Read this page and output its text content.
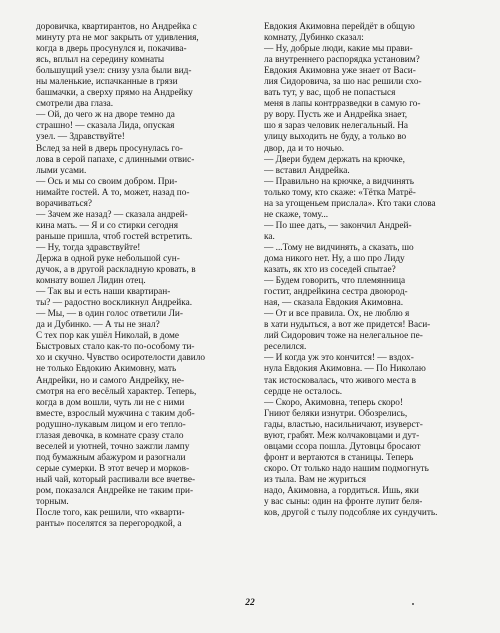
доровичка, квартирантов, но Андрейка с
минуту рта не мог закрыть от удивления,
когда в дверь просунулся и, покачива-
ясь, вплыл на середину комнаты
большущий узел: снизу узла были вид-
ны маленькие, испачканные в грязи
башмачки, а сверху прямо на Андрейку
смотрели два глаза.
— Ой, до чего ж на дворе темно да
страшно! — сказала Лида, опуская
узел. — Здравствуйте!
Вслед за ней в дверь просунулась го-
лова в серой папахе, с длинными отвис-
лыми усами.
— Ось и мы со своим добром. При-
нимайте гостей. А то, может, назад по-
ворачиваться?
— Зачем же назад? — сказала андрей-
кина мать. — Я и со стирки сегодня
раньше пришла, чтоб гостей встретить.
— Ну, тогда здравствуйте!
Держа в одной руке небольшой сун-
дучок, а в другой раскладную кровать, в
комнату вошел Лидин отец.
— Так вы и есть наши квартиран-
ты? — радостно воскликнул Андрейка.
— Мы, — в один голос ответили Ли-
да и Дубинко. — А ты не знал?
С тех пор как ушёл Николай, в доме
Быстровых стало как-то по-особому ти-
хо и скучно. Чувство осиротелости давило
не только Евдокию Акимовну, мать
Андрейки, но и самого Андрейку, не-
смотря на его весёлый характер. Теперь,
когда в дом вошли, чуть ли не с ними
вместе, взрослый мужчина с таким доб-
родушно-лукавым лицом и его тепло-
глазая девочка, в комнате сразу стало
веселей и уютней, точно зажгли лампу
под бумажным абажуром и разогнали
серые сумерки. В этот вечер и морков-
ный чай, который распивали все вчетве-
ром, показался Андрейке не таким при-
торным.
После того, как решили, что «кварти-
ранты» поселятся за перегородкой, а
Евдокия Акимовна перейдёт в общую
комнату, Дубинко сказал:
— Ну, добрые люди, какие мы прави-
ла внутреннего распорядка установим?
Евдокия Акимовна уже знает от Васи-
лия Сидоровича, за шо нас решили схо-
вать тут, у вас, щоб не попастыся
меня в лапы контрразведки в самую го-
ру вору. Пусть же и Андрейка знает,
шо я зараз человик нелегальный. На
улицу выходить не буду, а только во
двор, да и то ночью.
— Двери будем держать на крючке,
— вставил Андрейка.
— Правильно на крючке, а видчинять
только тому, кто скаже: «Тётка Матрё-
на за угощеньем прислала». Кто таки слова
не скаже, тому...
— По шее дать, — закончил Андрей-
ка.
— ...Тому не видчинять, а сказать, шо
дома никого нет. Ну, а шо про Лиду
казать, як хто из соседей спытае?
— Будем говорить, что племянница
гостит, андрейкина сестра двоюрод-
ная, — сказала Евдокия Акимовна.
— От и все правила. Ох, не люблю я
в хати нудыться, а вот же придется! Васи-
лий Сидорович тоже на нелегальное пе-
реселился.
— И когда уж это кончится! — вздох-
нула Евдокия Акимовна. — По Николаю
так истосковалась, что живого места в
сердце не осталось.
— Скоро, Акимовна, теперь скоро!
Гниют беляки изнутри. Обозрелись,
гады, властью, насильничают, изуверст-
вуют, грабят. Меж колчаковцами и дут-
овцами ссора пошла. Дутовцы бросают
фронт и вертаются в станицы. Теперь
скоро. От только надо нашим подмогнуть
из тыла. Вам не журиться
надо, Акимовна, а гордиться. Ишь, яки
у вас сыны: один на фронте лупит беля-
ков, другой с тылу подсобляе их сундучить.
22
